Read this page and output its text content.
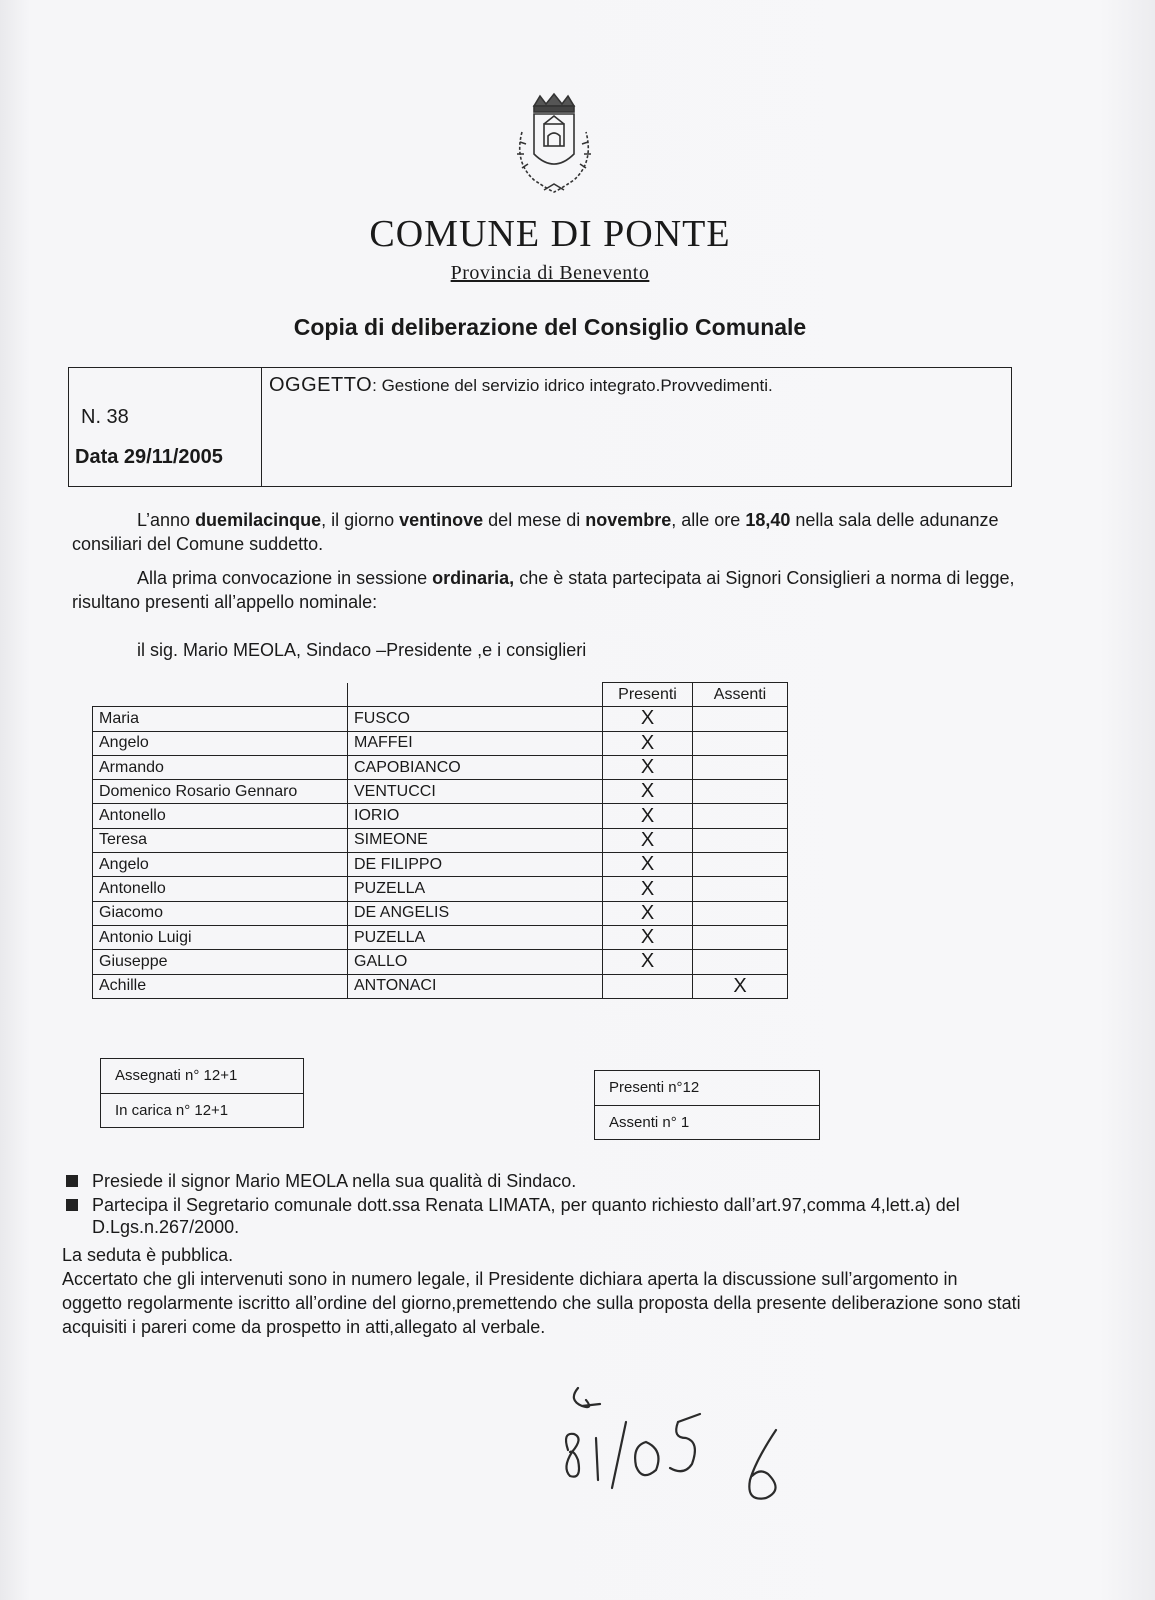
COMUNE DI PONTE
Provincia di Benevento
Copia di deliberazione del Consiglio Comunale
N. 38
Data 29/11/2005
OGGETTO: Gestione del servizio idrico integrato.Provvedimenti.
L’anno duemilacinque, il giorno ventinove del mese di novembre, alle ore 18,40 nella sala delle adunanze consiliari del Comune suddetto.
Alla prima convocazione in sessione ordinaria, che è stata partecipata ai Signori Consiglieri a norma di legge, risultano presenti all’appello nominale:
il sig. Mario MEOLA, Sindaco –Presidente ,e i consiglieri
		Presenti	Assenti
Maria	FUSCO	X	
Angelo	MAFFEI	X	
Armando	CAPOBIANCO	X	
Domenico Rosario Gennaro	VENTUCCI	X	
Antonello	IORIO	X	
Teresa	SIMEONE	X	
Angelo	DE FILIPPO	X	
Antonello	PUZELLA	X	
Giacomo	DE ANGELIS	X	
Antonio Luigi	PUZELLA	X	
Giuseppe	GALLO	X	
Achille	ANTONACI		X
Assegnati n° 12+1
In carica n° 12+1
Presenti n°12
Assenti n° 1
Presiede il signor Mario MEOLA nella sua qualità di Sindaco.
Partecipa il Segretario comunale dott.ssa Renata LIMATA, per quanto richiesto dall’art.97,comma 4,lett.a) del D.Lgs.n.267/2000.
La seduta è pubblica.
Accertato che gli intervenuti sono in numero legale, il Presidente dichiara aperta la discussione sull’argomento in oggetto regolarmente iscritto all’ordine del giorno,premettendo che sulla proposta della presente deliberazione sono stati acquisiti i pareri come da prospetto in atti,allegato al verbale.
